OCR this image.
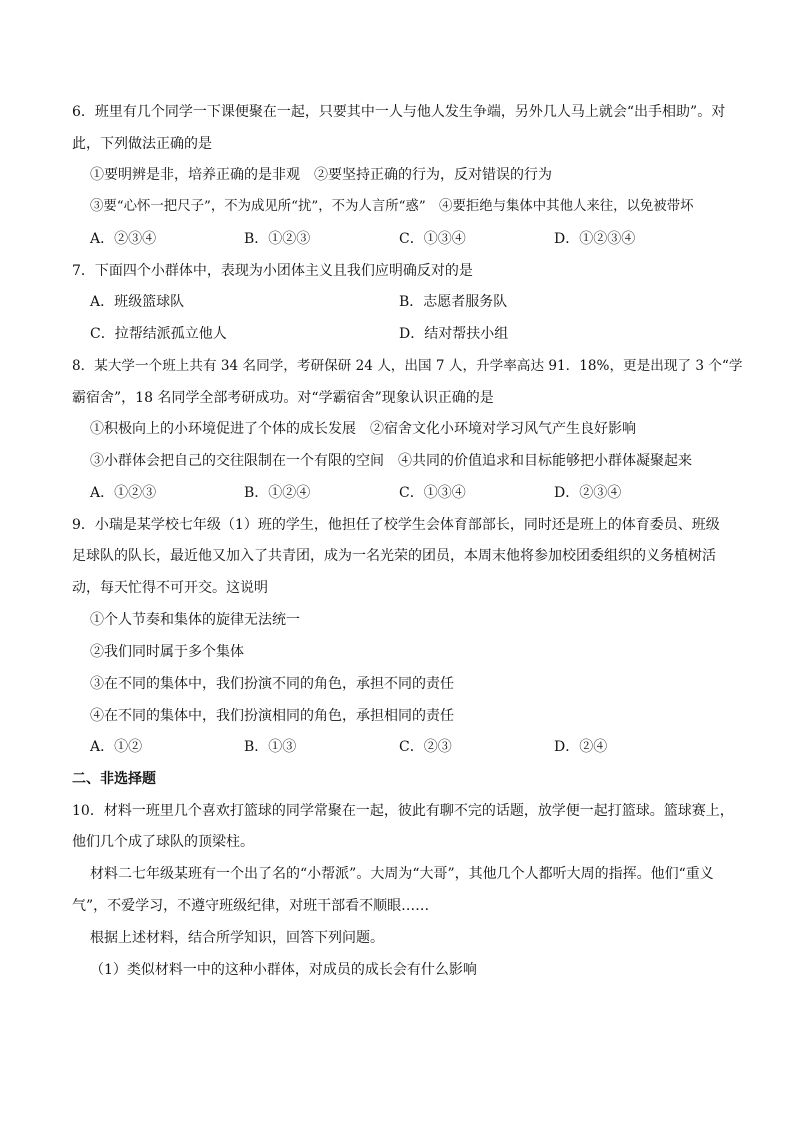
6．班里有几个同学一下课便聚在一起，只要其中一人与他人发生争端，另外几人马上就会“出手相助”。对
此，下列做法正确的是
①要明辨是非，培养正确的是非观　②要坚持正确的行为，反对错误的行为
③要“心怀一把尺子”，不为成见所“扰”，不为人言所“惑”　④要拒绝与集体中其他人来往，以免被带坏
A．②③④	B．①②③	C．①③④	D．①②③④
7．下面四个小群体中，表现为小团体主义且我们应明确反对的是
A．班级篮球队	B．志愿者服务队
C．拉帮结派孤立他人	D．结对帮扶小组
8．某大学一个班上共有 34 名同学，考研保研 24 人，出国 7 人，升学率高达 91．18%，更是出现了 3 个“学
霸宿舍”，18 名同学全部考研成功。对“学霸宿舍”现象认识正确的是
①积极向上的小环境促进了个体的成长发展　②宿舍文化小环境对学习风气产生良好影响
③小群体会把自己的交往限制在一个有限的空间　④共同的价值追求和目标能够把小群体凝聚起来
A．①②③	B．①②④	C．①③④	D．②③④
9．小瑞是某学校七年级（1）班的学生，他担任了校学生会体育部部长，同时还是班上的体育委员、班级
足球队的队长，最近他又加入了共青团，成为一名光荣的团员，本周末他将参加校团委组织的义务植树活
动，每天忙得不可开交。这说明
①个人节奏和集体的旋律无法统一
②我们同时属于多个集体
③在不同的集体中，我们扮演不同的角色，承担不同的责任
④在不同的集体中，我们扮演相同的角色，承担相同的责任
A．①②	B．①③	C．②③	D．②④
二、非选择题
10．材料一班里几个喜欢打篮球的同学常聚在一起，彼此有聊不完的话题，放学便一起打篮球。篮球赛上，
他们几个成了球队的顶梁柱。
材料二七年级某班有一个出了名的“小帮派”。大周为“大哥”，其他几个人都听大周的指挥。他们“重义
气”，不爱学习，不遵守班级纪律，对班干部看不顺眼……
根据上述材料，结合所学知识，回答下列问题。
（1）类似材料一中的这种小群体，对成员的成长会有什么影响
